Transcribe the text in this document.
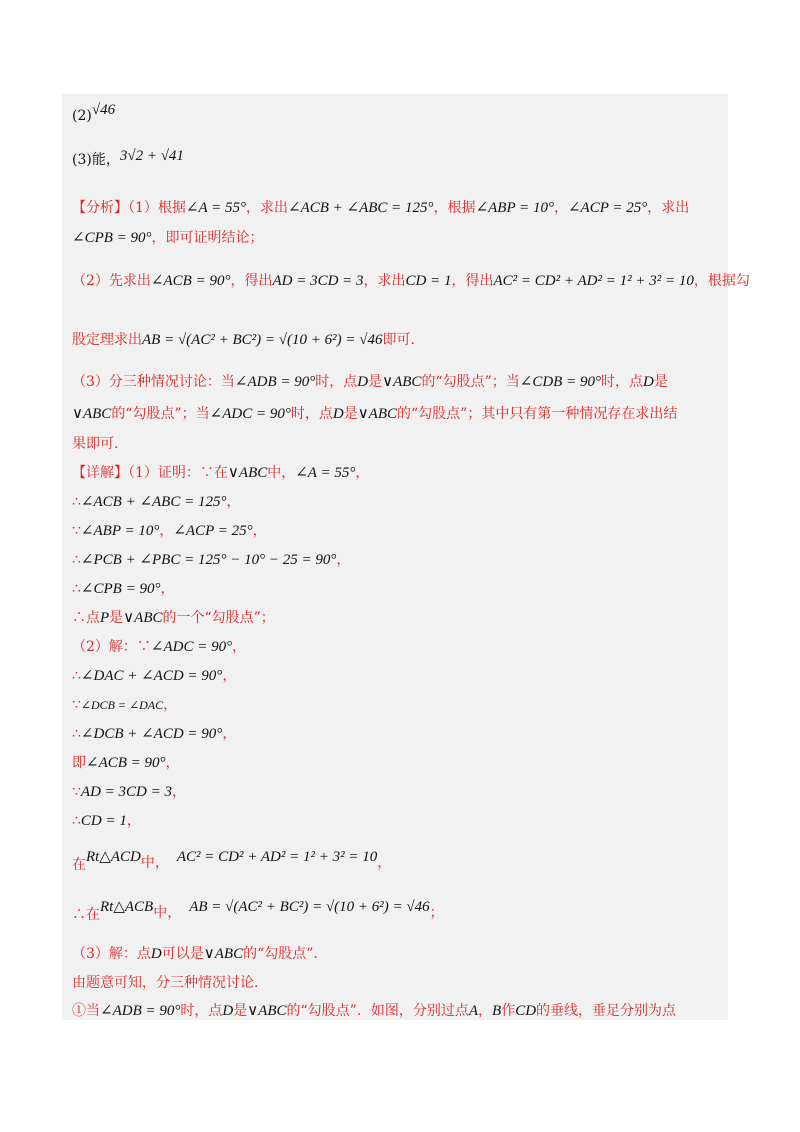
(2)√46
(3)能，3√2 + √41
【分析】（1）根据∠A = 55°，求出∠ACB + ∠ABC = 125°，根据∠ABP = 10°，∠ACP = 25°，求出
∠CPB = 90°，即可证明结论；
（2）先求出∠ACB = 90°，得出AD = 3CD = 3，求出CD = 1，得出AC² = CD² + AD² = 1² + 3² = 10，根据勾
股定理求出AB = √(AC² + BC²) = √(10 + 6²) = √46即可.
（3）分三种情况讨论：当∠ADB = 90°时，点D是∨ABC的“勾股点”；当∠CDB = 90°时，点D是
∨ABC的“勾股点”；当∠ADC = 90°时，点D是∨ABC的“勾股点”；其中只有第一种情况存在求出结
果即可.
【详解】（1）证明：∵在∨ABC中，∠A = 55°，
∴∠ACB + ∠ABC = 125°，
∵∠ABP = 10°，∠ACP = 25°，
∴∠PCB + ∠PBC = 125° − 10° − 25 = 90°，
∴∠CPB = 90°，
∴点P是∨ABC的一个“勾股点”；
（2）解：∵∠ADC = 90°，
∴∠DAC + ∠ACD = 90°，
∵∠DCB = ∠DAC，
∴∠DCB + ∠ACD = 90°，
即∠ACB = 90°，
∵AD = 3CD = 3，
∴CD = 1，
在Rt△ACD中， AC² = CD² + AD² = 1² + 3² = 10，
∴在Rt△ACB中， AB = √(AC² + BC²) = √(10 + 6²) = √46；
（3）解：点D可以是∨ABC的“勾股点”.
由题意可知，分三种情况讨论.
①当∠ADB = 90°时，点D是∨ABC的“勾股点”．如图，分别过点A，B作CD的垂线，垂足分别为点
